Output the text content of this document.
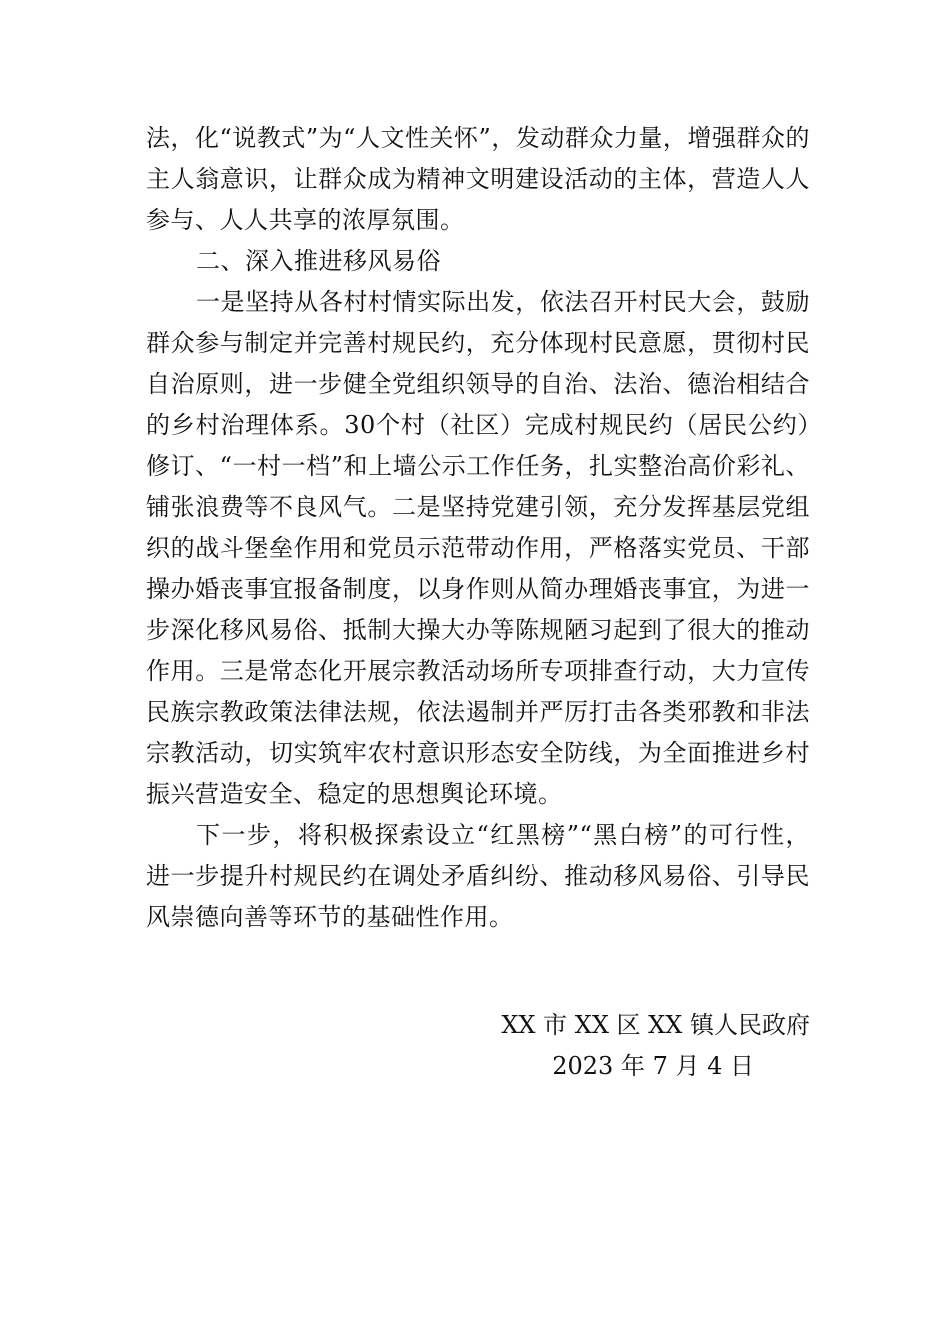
法，化“说教式”为“人文性关怀”，发动群众力量，增强群众的主人翁意识，让群众成为精神文明建设活动的主体，营造人人参与、人人共享的浓厚氛围。

二、深入推进移风易俗

一是坚持从各村村情实际出发，依法召开村民大会，鼓励群众参与制定并完善村规民约，充分体现村民意愿，贯彻村民自治原则，进一步健全党组织领导的自治、法治、德治相结合的乡村治理体系。30个村（社区）完成村规民约（居民公约）修订、“一村一档”和上墙公示工作任务，扎实整治高价彩礼、铺张浪费等不良风气。二是坚持党建引领，充分发挥基层党组织的战斗堡垒作用和党员示范带动作用，严格落实党员、干部操办婚丧事宜报备制度，以身作则从简办理婚丧事宜，为进一步深化移风易俗、抵制大操大办等陈规陋习起到了很大的推动作用。三是常态化开展宗教活动场所专项排查行动，大力宣传民族宗教政策法律法规，依法遏制并严厉打击各类邪教和非法宗教活动，切实筑牢农村意识形态安全防线，为全面推进乡村振兴营造安全、稳定的思想舆论环境。

下一步，将积极探索设立“红黑榜”“黑白榜”的可行性，进一步提升村规民约在调处矛盾纠纷、推动移风易俗、引导民风崇德向善等环节的基础性作用。

XX 市 XX 区 XX 镇人民政府
2023 年 7 月 4 日
